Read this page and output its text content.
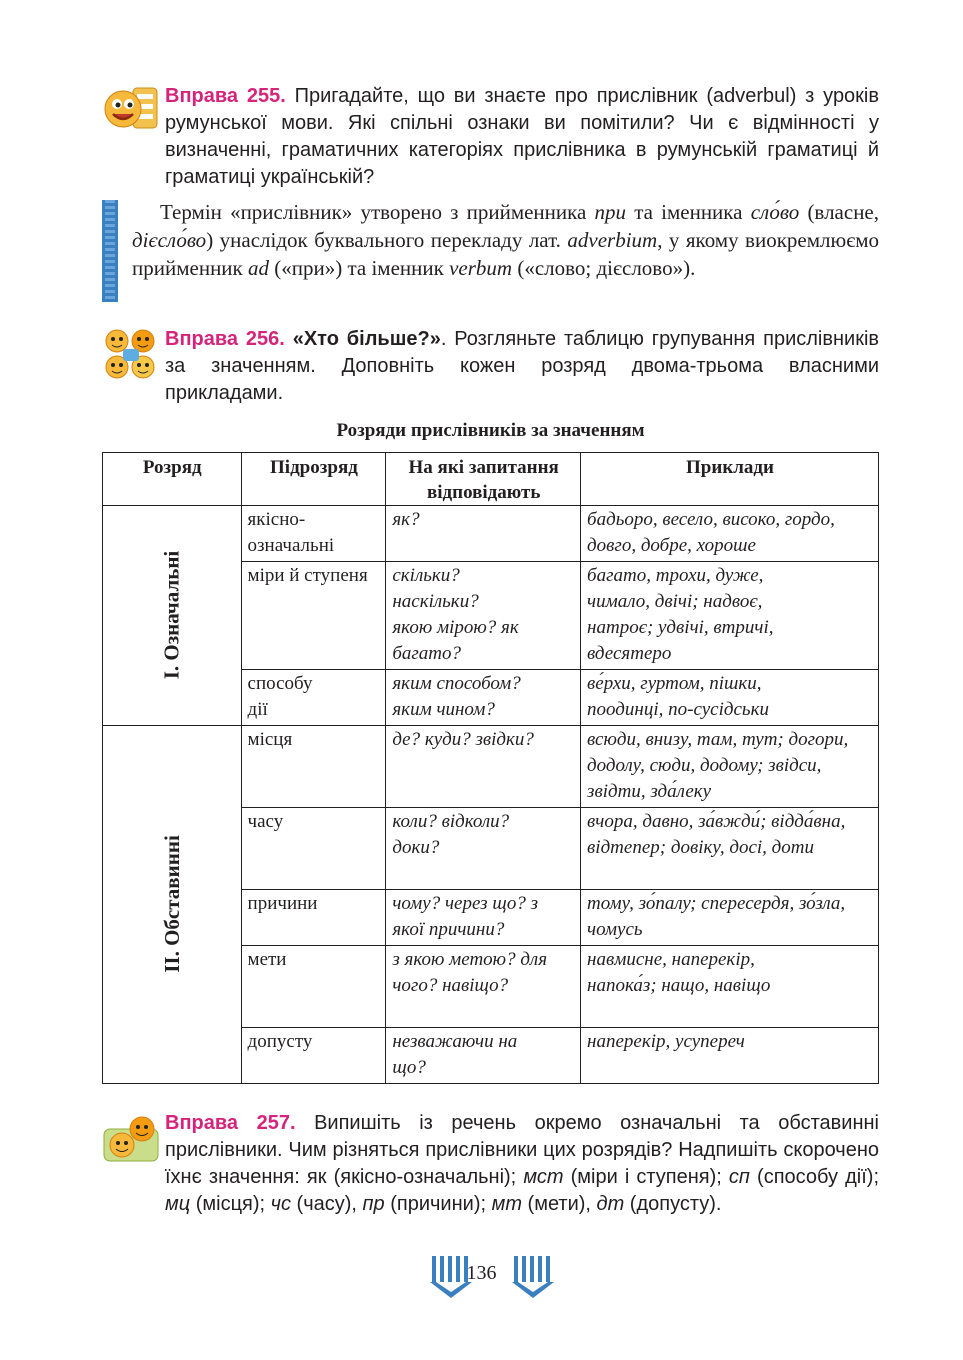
Вправа 255. Пригадайте, що ви знаєте про прислівник (adverbul) з уроків румунської мови. Які спільні ознаки ви помітили? Чи є відмінності у визначенні, граматичних категоріях прислівника в румунській граматиці й граматиці українській?
Термін «прислівник» утворено з прийменника при та іменника сло́во (власне, дієсло́во) унаслідок буквального перекладу лат. adverbium, у якому виокремлюємо прийменник ad («при») та іменник verbum («слово; дієслово»).
Вправа 256. «Хто більше?». Розгляньте таблицю групування прислівників за значенням. Доповніть кожен розряд двома-трьома власними прикладами.
Розряди прислівників за значенням
Розряд	Підрозряд	На які запитання відповідають	Приклади
I. Означальні	якісно-означальні	як?	бадьоро, весело, високо, гордо, довго, добре, хороше
	міри й ступеня	скільки? наскільки? якою мірою? як багато?	багато, трохи, дуже, чимало, двічі; надвоє, натроє; удвічі, втричі, вдесятеро
	способу дії	яким способом? яким чином?	ве́рхи, гуртом, пішки, поодинці, по-сусідськи
II. Обставинні	місця	де? куди? звідки?	всюди, внизу, там, тут; догори, додолу, сюди, додому; звідси, звідти, зда́леку
	часу	коли? відколи? доки?	вчора, давно, за́вжди́; відда́вна, відтепер; довіку, досі, доти
	причини	чому? через що? з якої причини?	тому, зо́палу; спересердя, зо́зла, чомусь
	мети	з якою метою? для чого? навіщо?	навмисне, наперекір, напока́з; нащо, навіщо
	допусту	незважаючи на що?	наперекір, усупереч
Вправа 257. Випишіть із речень окремо означальні та обставинні прислівники. Чим різняться прислівники цих розрядів? Надпишіть скорочено їхнє значення: як (якісно-означальні); мст (міри і ступеня); сп (способу дії); мц (місця); чс (часу), пр (причини); мт (мети), дт (допусту).
136
